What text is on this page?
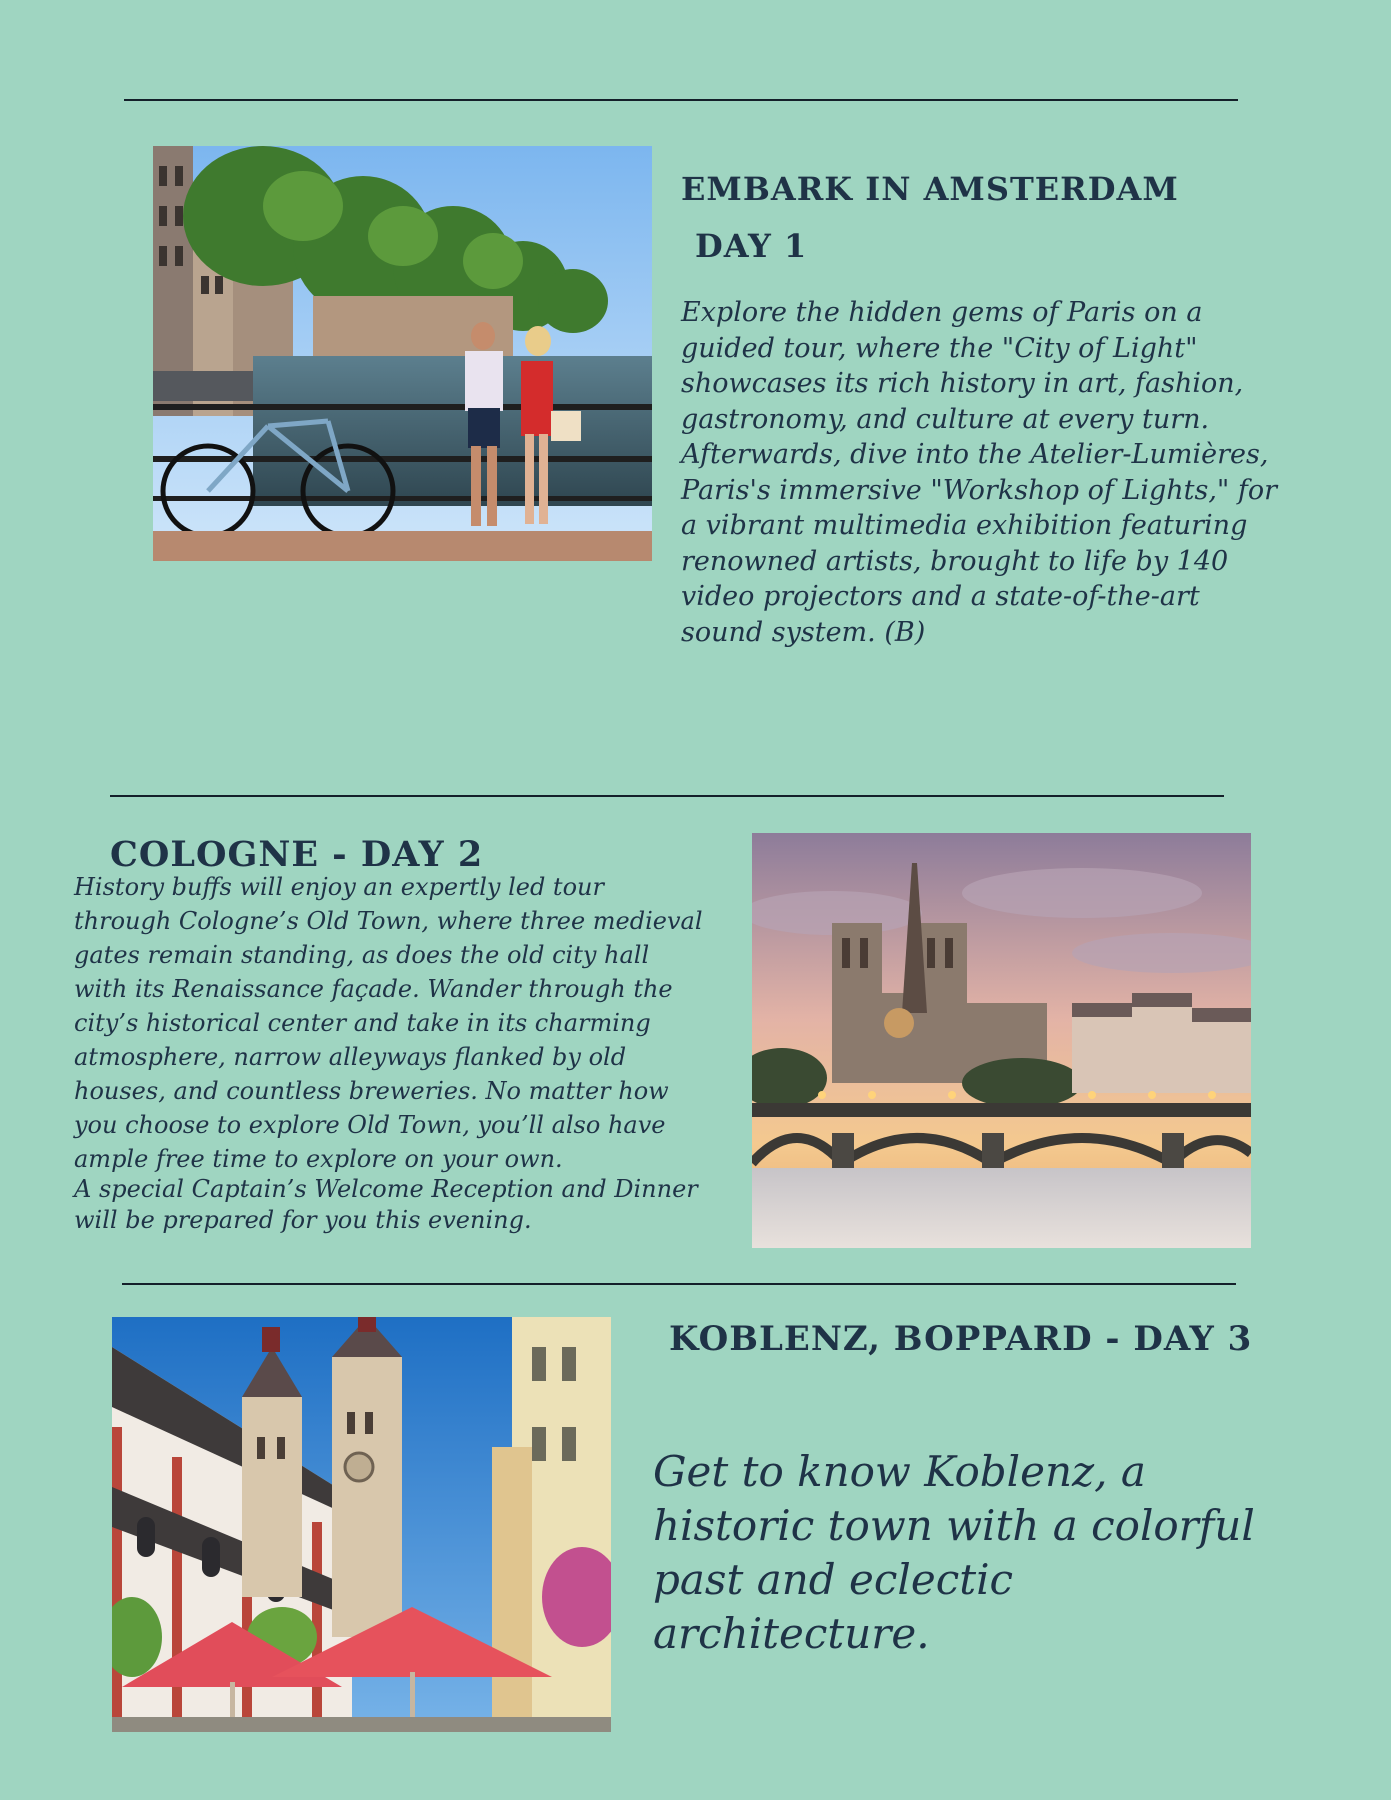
EMBARK IN AMSTERDAM
DAY 1

Explore the hidden gems of Paris on a guided tour, where the "City of Light" showcases its rich history in art, fashion, gastronomy, and culture at every turn. Afterwards, dive into the Atelier-Lumières, Paris's immersive "Workshop of Lights," for a vibrant multimedia exhibition featuring renowned artists, brought to life by 140 video projectors and a state-of-the-art sound system. (B)

COLOGNE - DAY 2

History buffs will enjoy an expertly led tour through Cologne’s Old Town, where three medieval gates remain standing, as does the old city hall with its Renaissance façade. Wander through the city’s historical center and take in its charming atmosphere, narrow alleyways flanked by old houses, and countless breweries. No matter how you choose to explore Old Town, you’ll also have ample free time to explore on your own.

A special Captain’s Welcome Reception and Dinner will be prepared for you this evening.

KOBLENZ, BOPPARD - DAY 3

Get to know Koblenz, a historic town with a colorful past and eclectic architecture.
